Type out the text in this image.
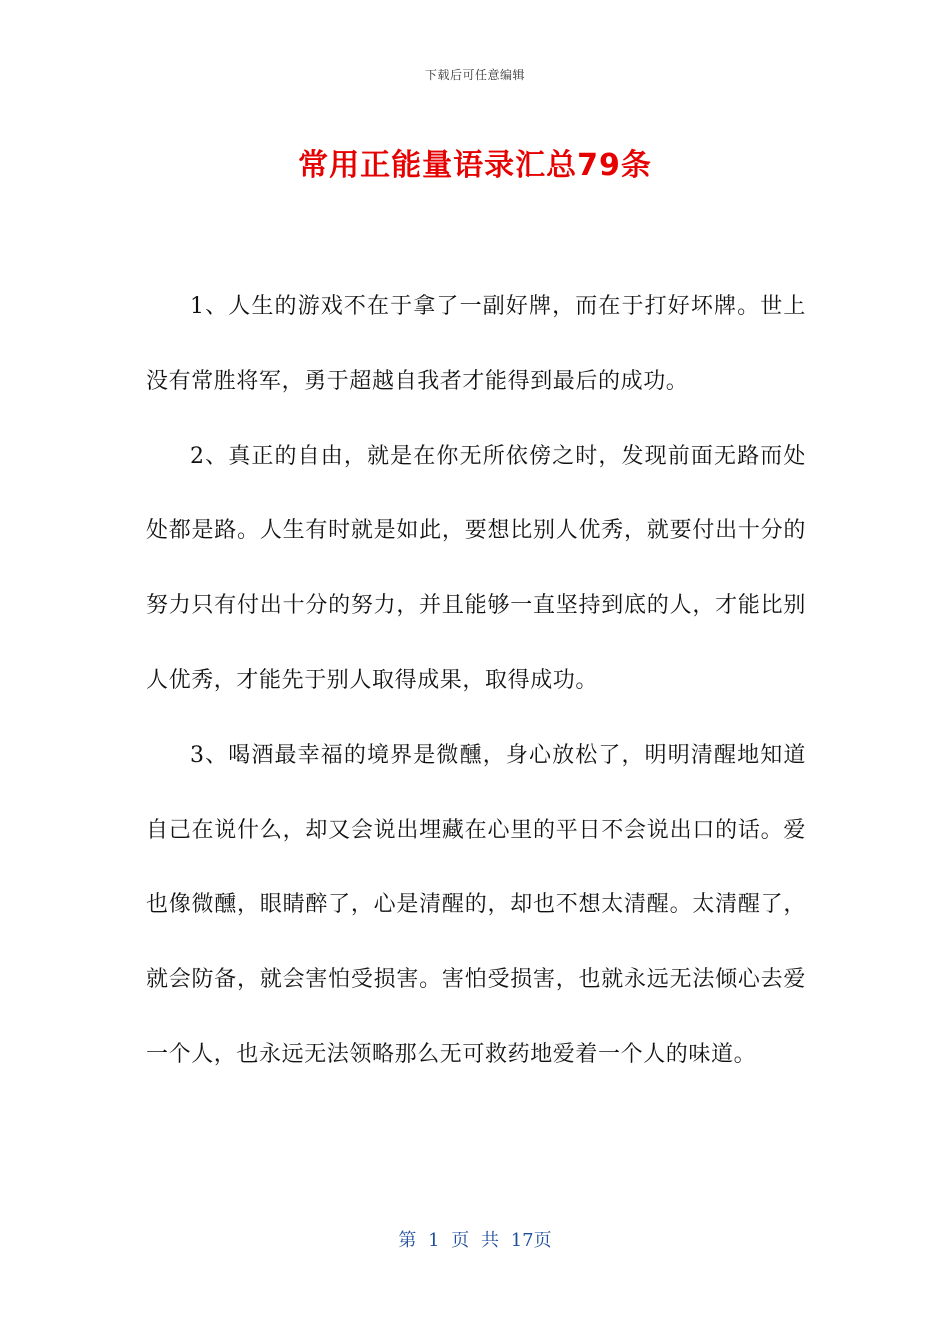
下载后可任意编辑
常用正能量语录汇总79条

1、人生的游戏不在于拿了一副好牌，而在于打好坏牌。世上没有常胜将军，勇于超越自我者才能得到最后的成功。

2、真正的自由，就是在你无所依傍之时，发现前面无路而处处都是路。人生有时就是如此，要想比别人优秀，就要付出十分的努力只有付出十分的努力，并且能够一直坚持到底的人，才能比别人优秀，才能先于别人取得成果，取得成功。

3、喝酒最幸福的境界是微醺，身心放松了，明明清醒地知道自己在说什么，却又会说出埋藏在心里的平日不会说出口的话。爱也像微醺，眼睛醉了，心是清醒的，却也不想太清醒。太清醒了，就会防备，就会害怕受损害。害怕受损害，也就永远无法倾心去爱一个人，也永远无法领略那么无可救药地爱着一个人的味道。

第 1 页 共 17页
